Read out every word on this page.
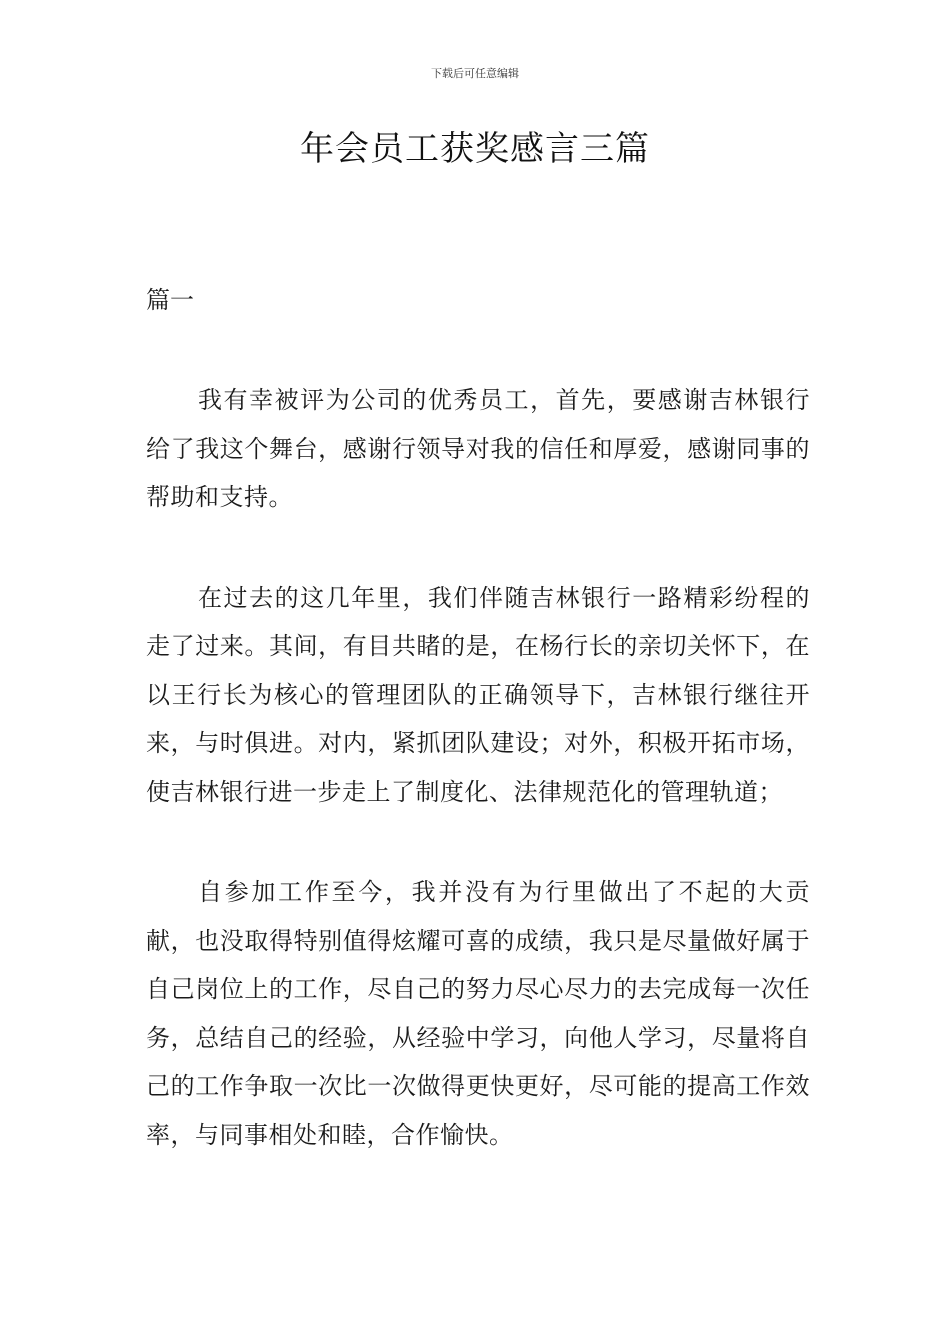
下载后可任意编辑
年会员工获奖感言三篇
篇一

我有幸被评为公司的优秀员工，首先，要感谢吉林银行给了我这个舞台，感谢行领导对我的信任和厚爱，感谢同事的帮助和支持。

在过去的这几年里，我们伴随吉林银行一路精彩纷程的走了过来。其间，有目共睹的是，在杨行长的亲切关怀下，在以王行长为核心的管理团队的正确领导下，吉林银行继往开来，与时俱进。对内，紧抓团队建设；对外，积极开拓市场，使吉林银行进一步走上了制度化、法律规范化的管理轨道；

自参加工作至今，我并没有为行里做出了不起的大贡献，也没取得特别值得炫耀可喜的成绩，我只是尽量做好属于自己岗位上的工作，尽自己的努力尽心尽力的去完成每一次任务，总结自己的经验，从经验中学习，向他人学习，尽量将自己的工作争取一次比一次做得更快更好，尽可能的提高工作效率，与同事相处和睦，合作愉快。
